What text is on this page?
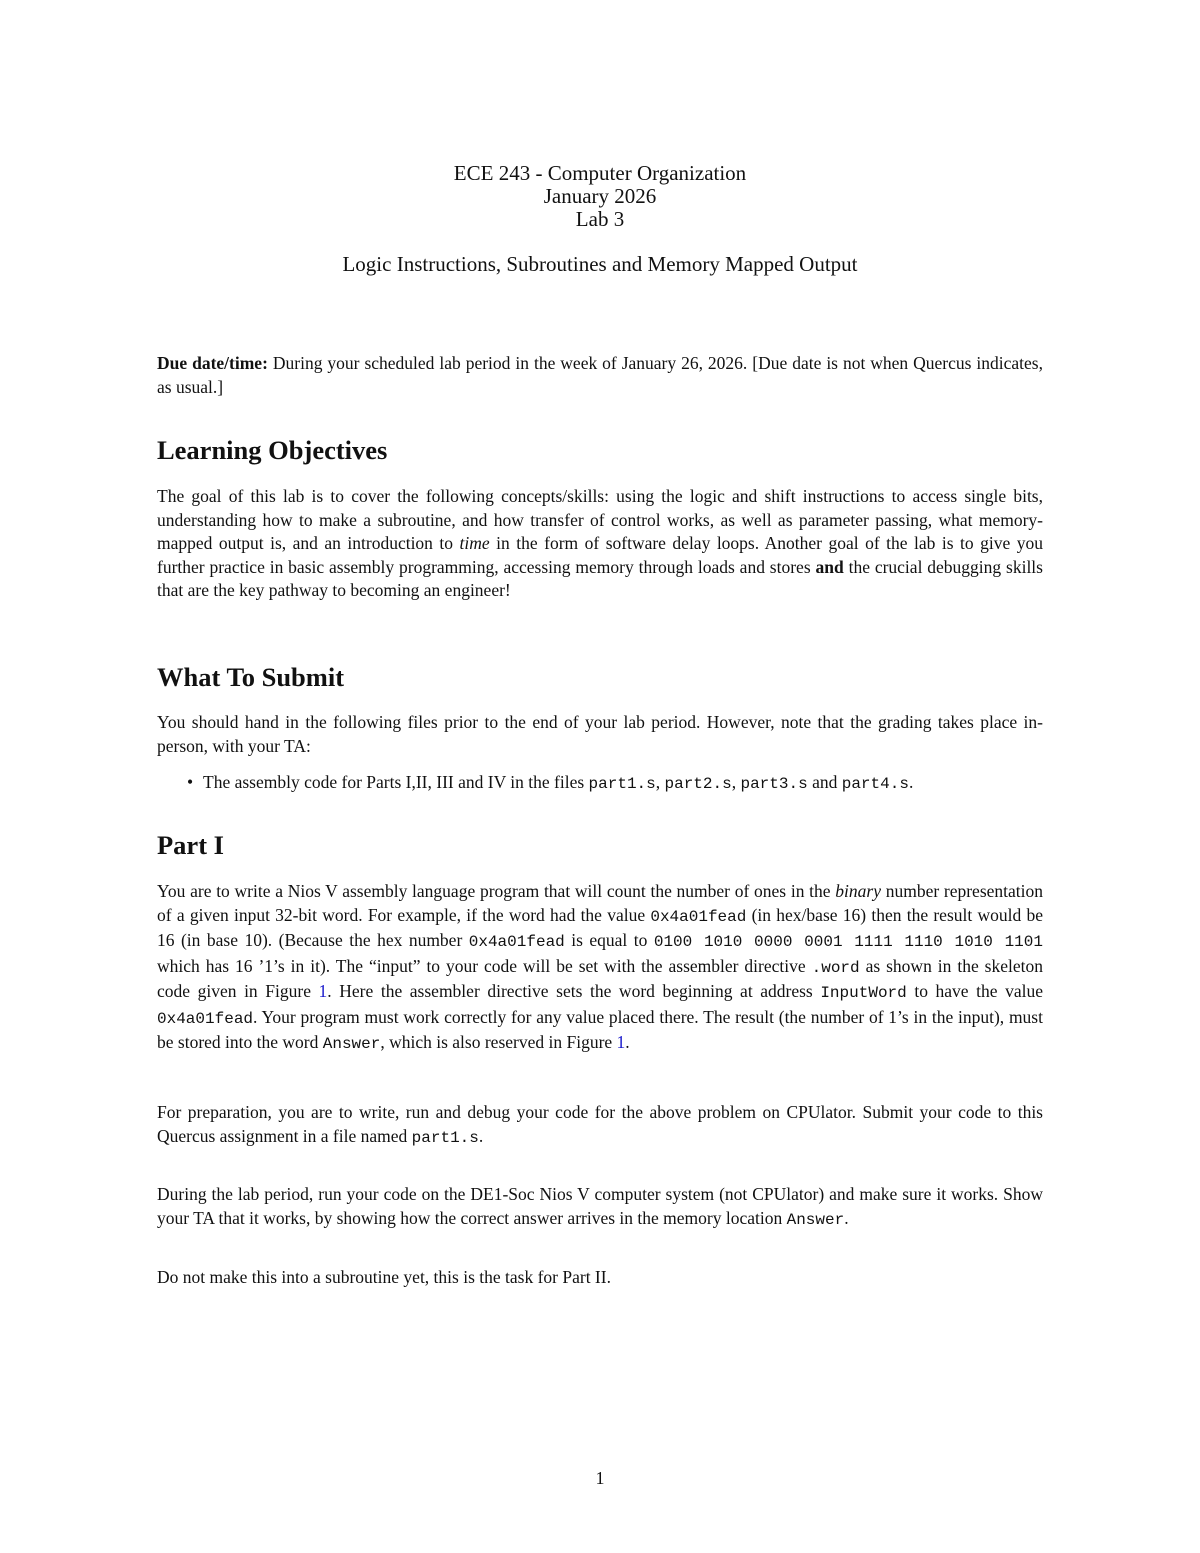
ECE 243 - Computer Organization
January 2026
Lab 3
Logic Instructions, Subroutines and Memory Mapped Output

Due date/time: During your scheduled lab period in the week of January 26, 2026. [Due date is not when Quercus indicates, as usual.]

Learning Objectives

The goal of this lab is to cover the following concepts/skills: using the logic and shift instructions to access single bits, understanding how to make a subroutine, and how transfer of control works, as well as parameter passing, what memory-mapped output is, and an introduction to time in the form of software delay loops. Another goal of the lab is to give you further practice in basic assembly programming, accessing memory through loads and stores and the crucial debugging skills that are the key pathway to becoming an engineer!

What To Submit

You should hand in the following files prior to the end of your lab period. However, note that the grading takes place in-person, with your TA:

• The assembly code for Parts I,II, III and IV in the files part1.s, part2.s, part3.s and part4.s.
Part I

You are to write a Nios V assembly language program that will count the number of ones in the binary number representation of a given input 32-bit word. For example, if the word had the value 0x4a01fead (in hex/base 16) then the result would be 16 (in base 10). (Because the hex number 0x4a01fead is equal to 0100 1010 0000 0001 1111 1110 1010 1101 which has 16 ’1’s in it). The “input” to your code will be set with the assembler directive .word as shown in the skeleton code given in Figure 1. Here the assembler directive sets the word beginning at address InputWord to have the value 0x4a01fead. Your program must work correctly for any value placed there. The result (the number of 1’s in the input), must be stored into the word Answer, which is also reserved in Figure 1.

For preparation, you are to write, run and debug your code for the above problem on CPUlator. Submit your code to this Quercus assignment in a file named part1.s.

During the lab period, run your code on the DE1-Soc Nios V computer system (not CPUlator) and make sure it works. Show your TA that it works, by showing how the correct answer arrives in the memory location Answer.

Do not make this into a subroutine yet, this is the task for Part II.

1
